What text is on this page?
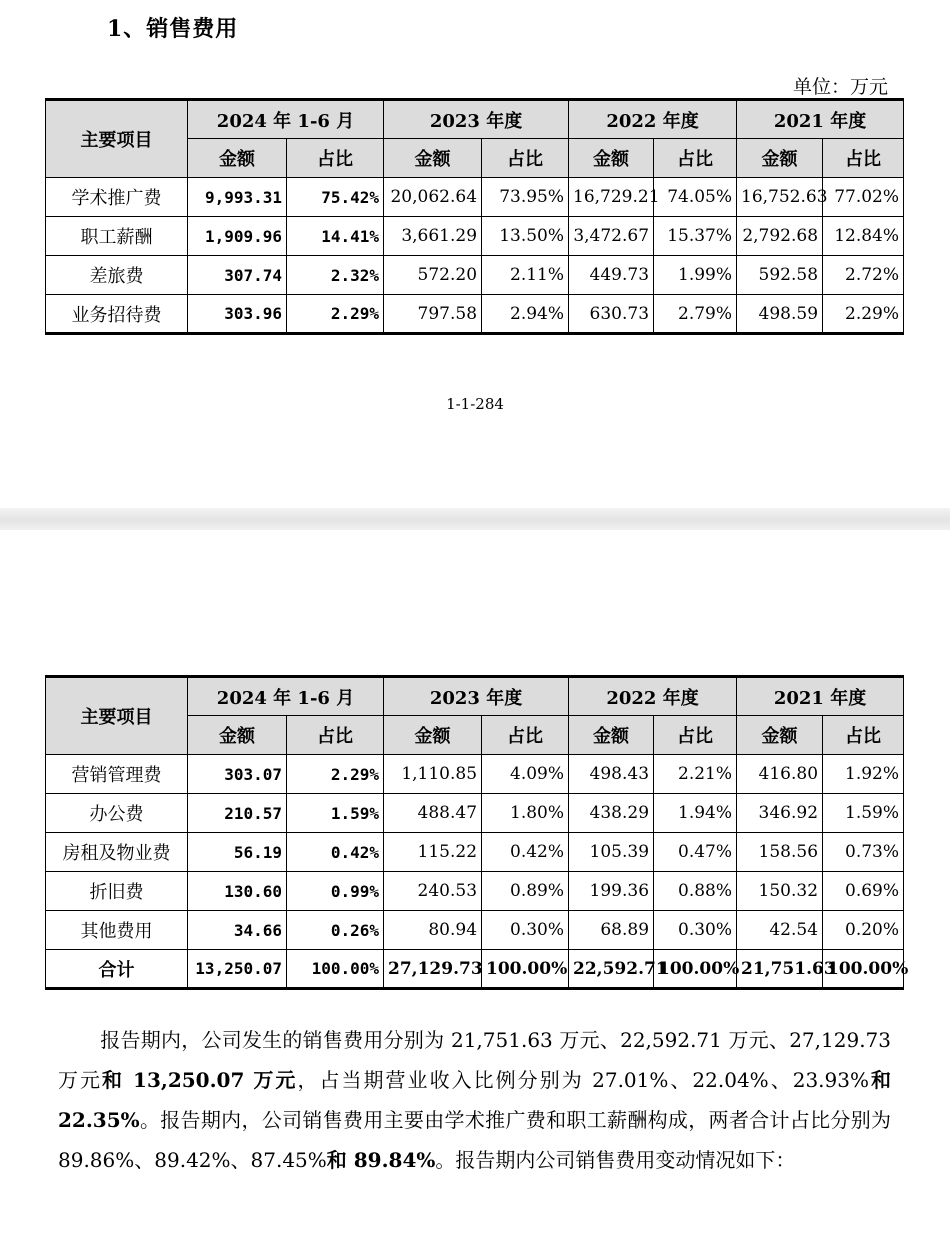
1、销售费用
单位：万元
主要项目	2024 年 1-6 月		2023 年度		2022 年度		2021 年度	
	金额	占比	金额	占比	金额	占比	金额	占比
学术推广费	9,993.31	75.42%	20,062.64	73.95%	16,729.21	74.05%	16,752.63	77.02%
职工薪酬	1,909.96	14.41%	3,661.29	13.50%	3,472.67	15.37%	2,792.68	12.84%
差旅费	307.74	2.32%	572.20	2.11%	449.73	1.99%	592.58	2.72%
业务招待费	303.96	2.29%	797.58	2.94%	630.73	2.79%	498.59	2.29%
1-1-284
主要项目	2024 年 1-6 月		2023 年度		2022 年度		2021 年度	
	金额	占比	金额	占比	金额	占比	金额	占比
营销管理费	303.07	2.29%	1,110.85	4.09%	498.43	2.21%	416.80	1.92%
办公费	210.57	1.59%	488.47	1.80%	438.29	1.94%	346.92	1.59%
房租及物业费	56.19	0.42%	115.22	0.42%	105.39	0.47%	158.56	0.73%
折旧费	130.60	0.99%	240.53	0.89%	199.36	0.88%	150.32	0.69%
其他费用	34.66	0.26%	80.94	0.30%	68.89	0.30%	42.54	0.20%
合计	13,250.07	100.00%	27,129.73	100.00%	22,592.71	100.00%	21,751.63	100.00%
报告期内，公司发生的销售费用分别为 21,751.63 万元、22,592.71 万元、27,129.73 万元和 13,250.07 万元，占当期营业收入比例分别为 27.01%、22.04%、23.93%和 22.35%。报告期内，公司销售费用主要由学术推广费和职工薪酬构成，两者合计占比分别为 89.86%、89.42%、87.45%和 89.84%。报告期内公司销售费用变动情况如下：
